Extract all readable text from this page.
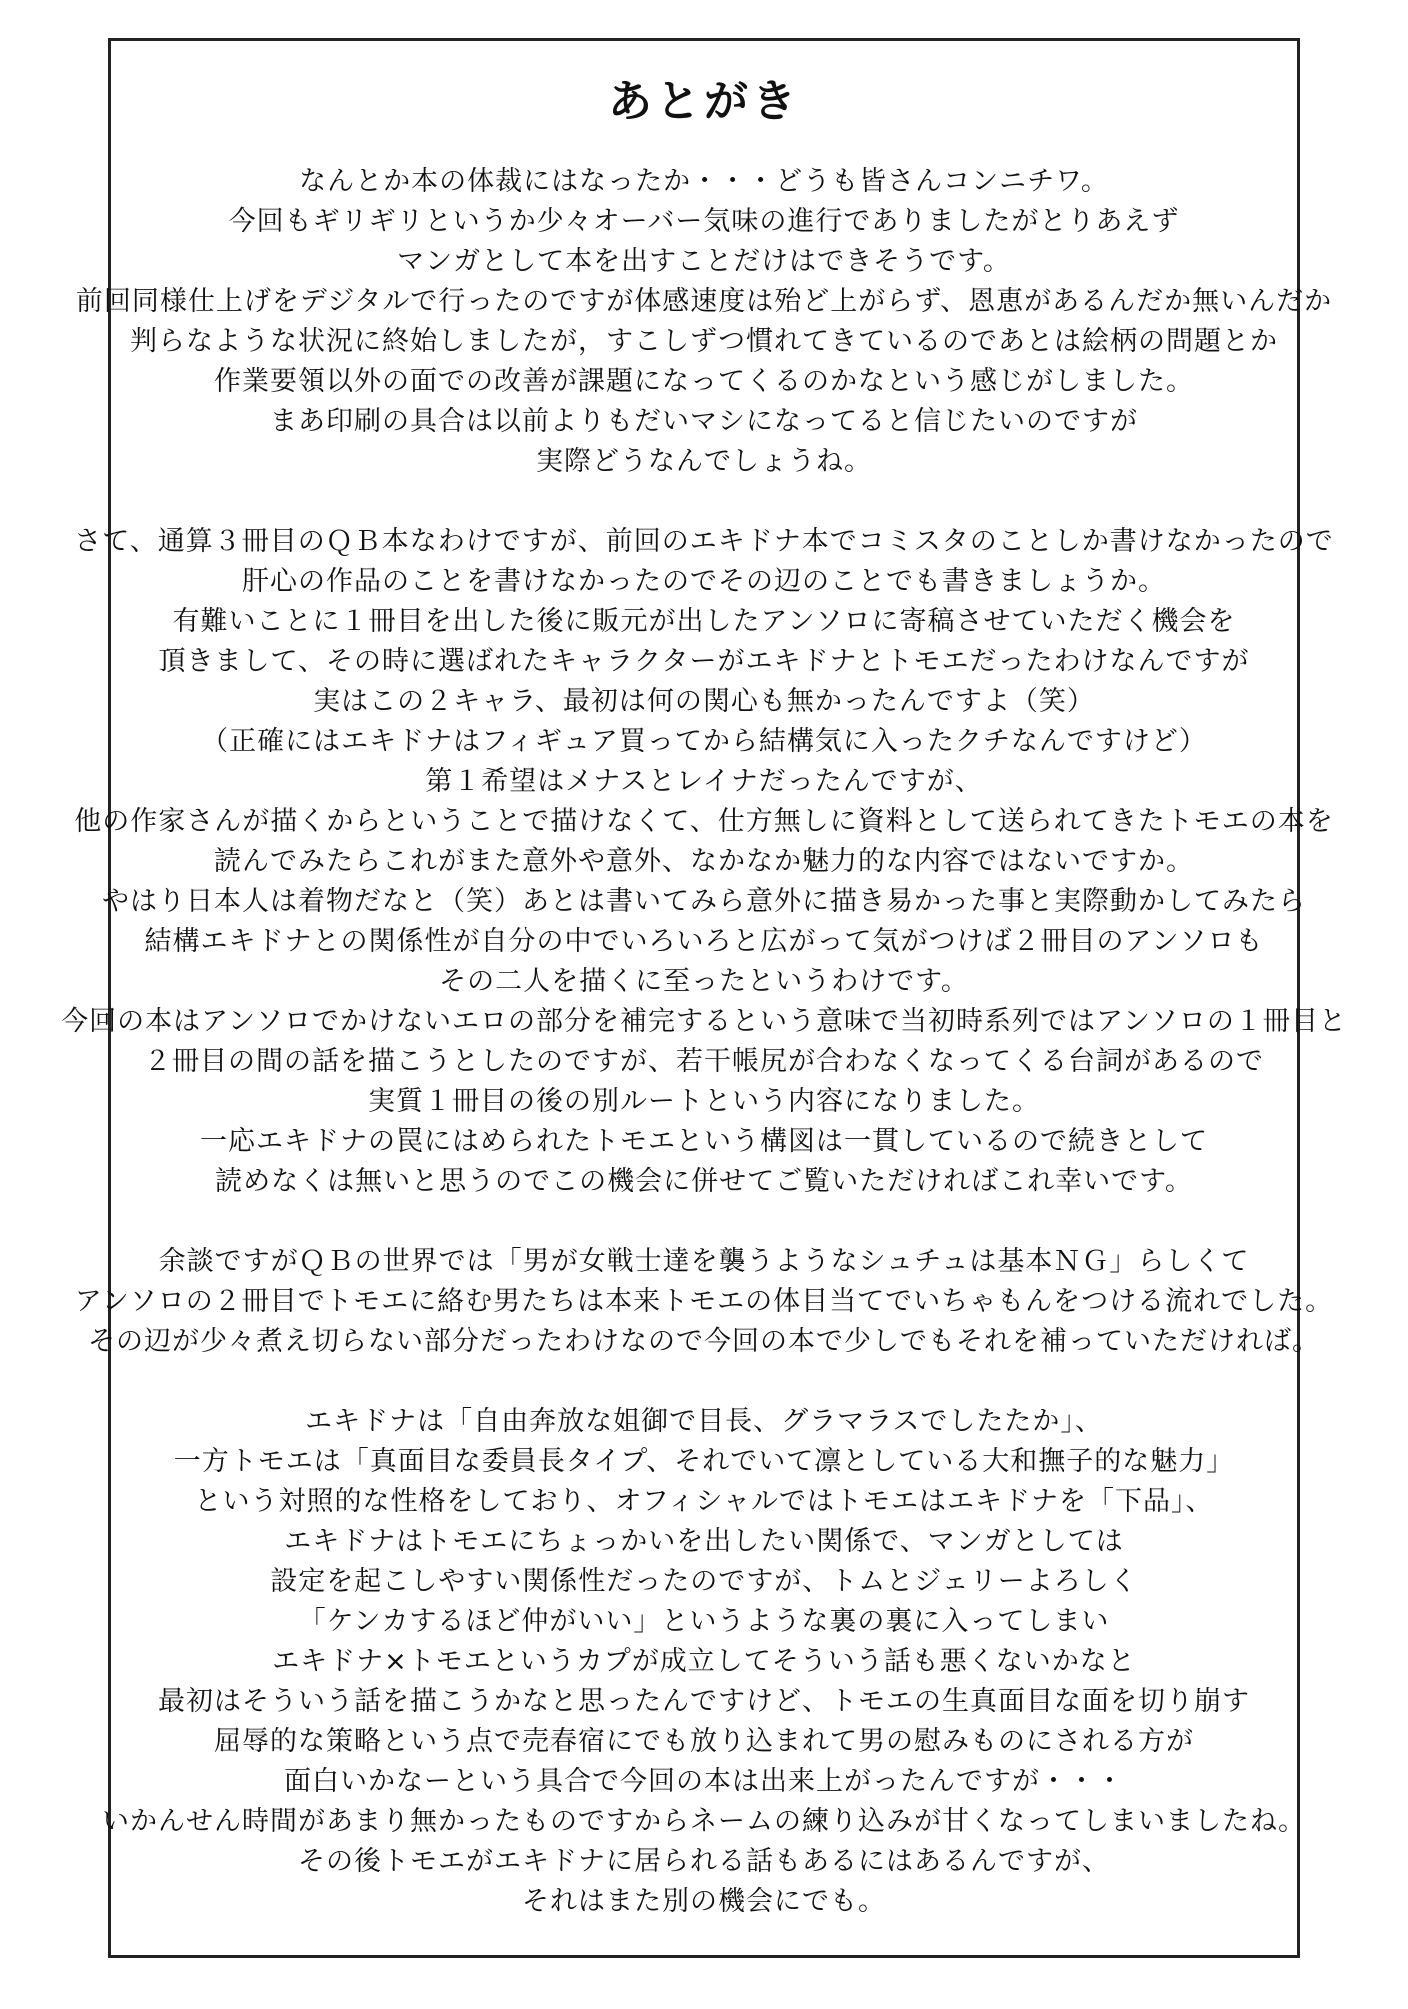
あとがき
なんとか本の体裁にはなったか・・・どうも皆さんコンニチワ。
今回もギリギリというか少々オーバー気味の進行でありましたがとりあえず
マンガとして本を出すことだけはできそうです。
前回同様仕上げをデジタルで行ったのですが体感速度は殆ど上がらず、恩恵があるんだか無いんだか
判らなような状況に終始しましたが，すこしずつ慣れてきているのであとは絵柄の問題とか
作業要領以外の面での改善が課題になってくるのかなという感じがしました。
まあ印刷の具合は以前よりもだいマシになってると信じたいのですが
実際どうなんでしょうね。
さて、通算３冊目のＱＢ本なわけですが、前回のエキドナ本でコミスタのことしか書けなかったので
肝心の作品のことを書けなかったのでその辺のことでも書きましょうか。
有難いことに１冊目を出した後に販元が出したアンソロに寄稿させていただく機会を
頂きまして、その時に選ばれたキャラクターがエキドナとトモエだったわけなんですが
実はこの２キャラ、最初は何の関心も無かったんですよ（笑）
（正確にはエキドナはフィギュア買ってから結構気に入ったクチなんですけど）
第１希望はメナスとレイナだったんですが、
他の作家さんが描くからということで描けなくて、仕方無しに資料として送られてきたトモエの本を
読んでみたらこれがまた意外や意外、なかなか魅力的な内容ではないですか。
やはり日本人は着物だなと（笑）あとは書いてみら意外に描き易かった事と実際動かしてみたら
結構エキドナとの関係性が自分の中でいろいろと広がって気がつけば２冊目のアンソロも
その二人を描くに至ったというわけです。
今回の本はアンソロでかけないエロの部分を補完するという意味で当初時系列ではアンソロの１冊目と
２冊目の間の話を描こうとしたのですが、若干帳尻が合わなくなってくる台詞があるので
実質１冊目の後の別ルートという内容になりました。
一応エキドナの罠にはめられたトモエという構図は一貫しているので続きとして
読めなくは無いと思うのでこの機会に併せてご覧いただければこれ幸いです。
余談ですがＱＢの世界では「男が女戦士達を襲うようなシュチュは基本ＮＧ」らしくて
アンソロの２冊目でトモエに絡む男たちは本来トモエの体目当てでいちゃもんをつける流れでした。
その辺が少々煮え切らない部分だったわけなので今回の本で少しでもそれを補っていただければ。
エキドナは「自由奔放な姐御で目長、グラマラスでしたたか」、
一方トモエは「真面目な委員長タイプ、それでいて凛としている大和撫子的な魅力」
という対照的な性格をしており、オフィシャルではトモエはエキドナを「下品」、
エキドナはトモエにちょっかいを出したい関係で、マンガとしては
設定を起こしやすい関係性だったのですが、トムとジェリーよろしく
「ケンカするほど仲がいい」というような裏の裏に入ってしまい
エキドナ×トモエというカプが成立してそういう話も悪くないかなと
最初はそういう話を描こうかなと思ったんですけど、トモエの生真面目な面を切り崩す
屈辱的な策略という点で売春宿にでも放り込まれて男の慰みものにされる方が
面白いかなーという具合で今回の本は出来上がったんですが・・・
いかんせん時間があまり無かったものですからネームの練り込みが甘くなってしまいましたね。
その後トモエがエキドナに居られる話もあるにはあるんですが、
それはまた別の機会にでも。
